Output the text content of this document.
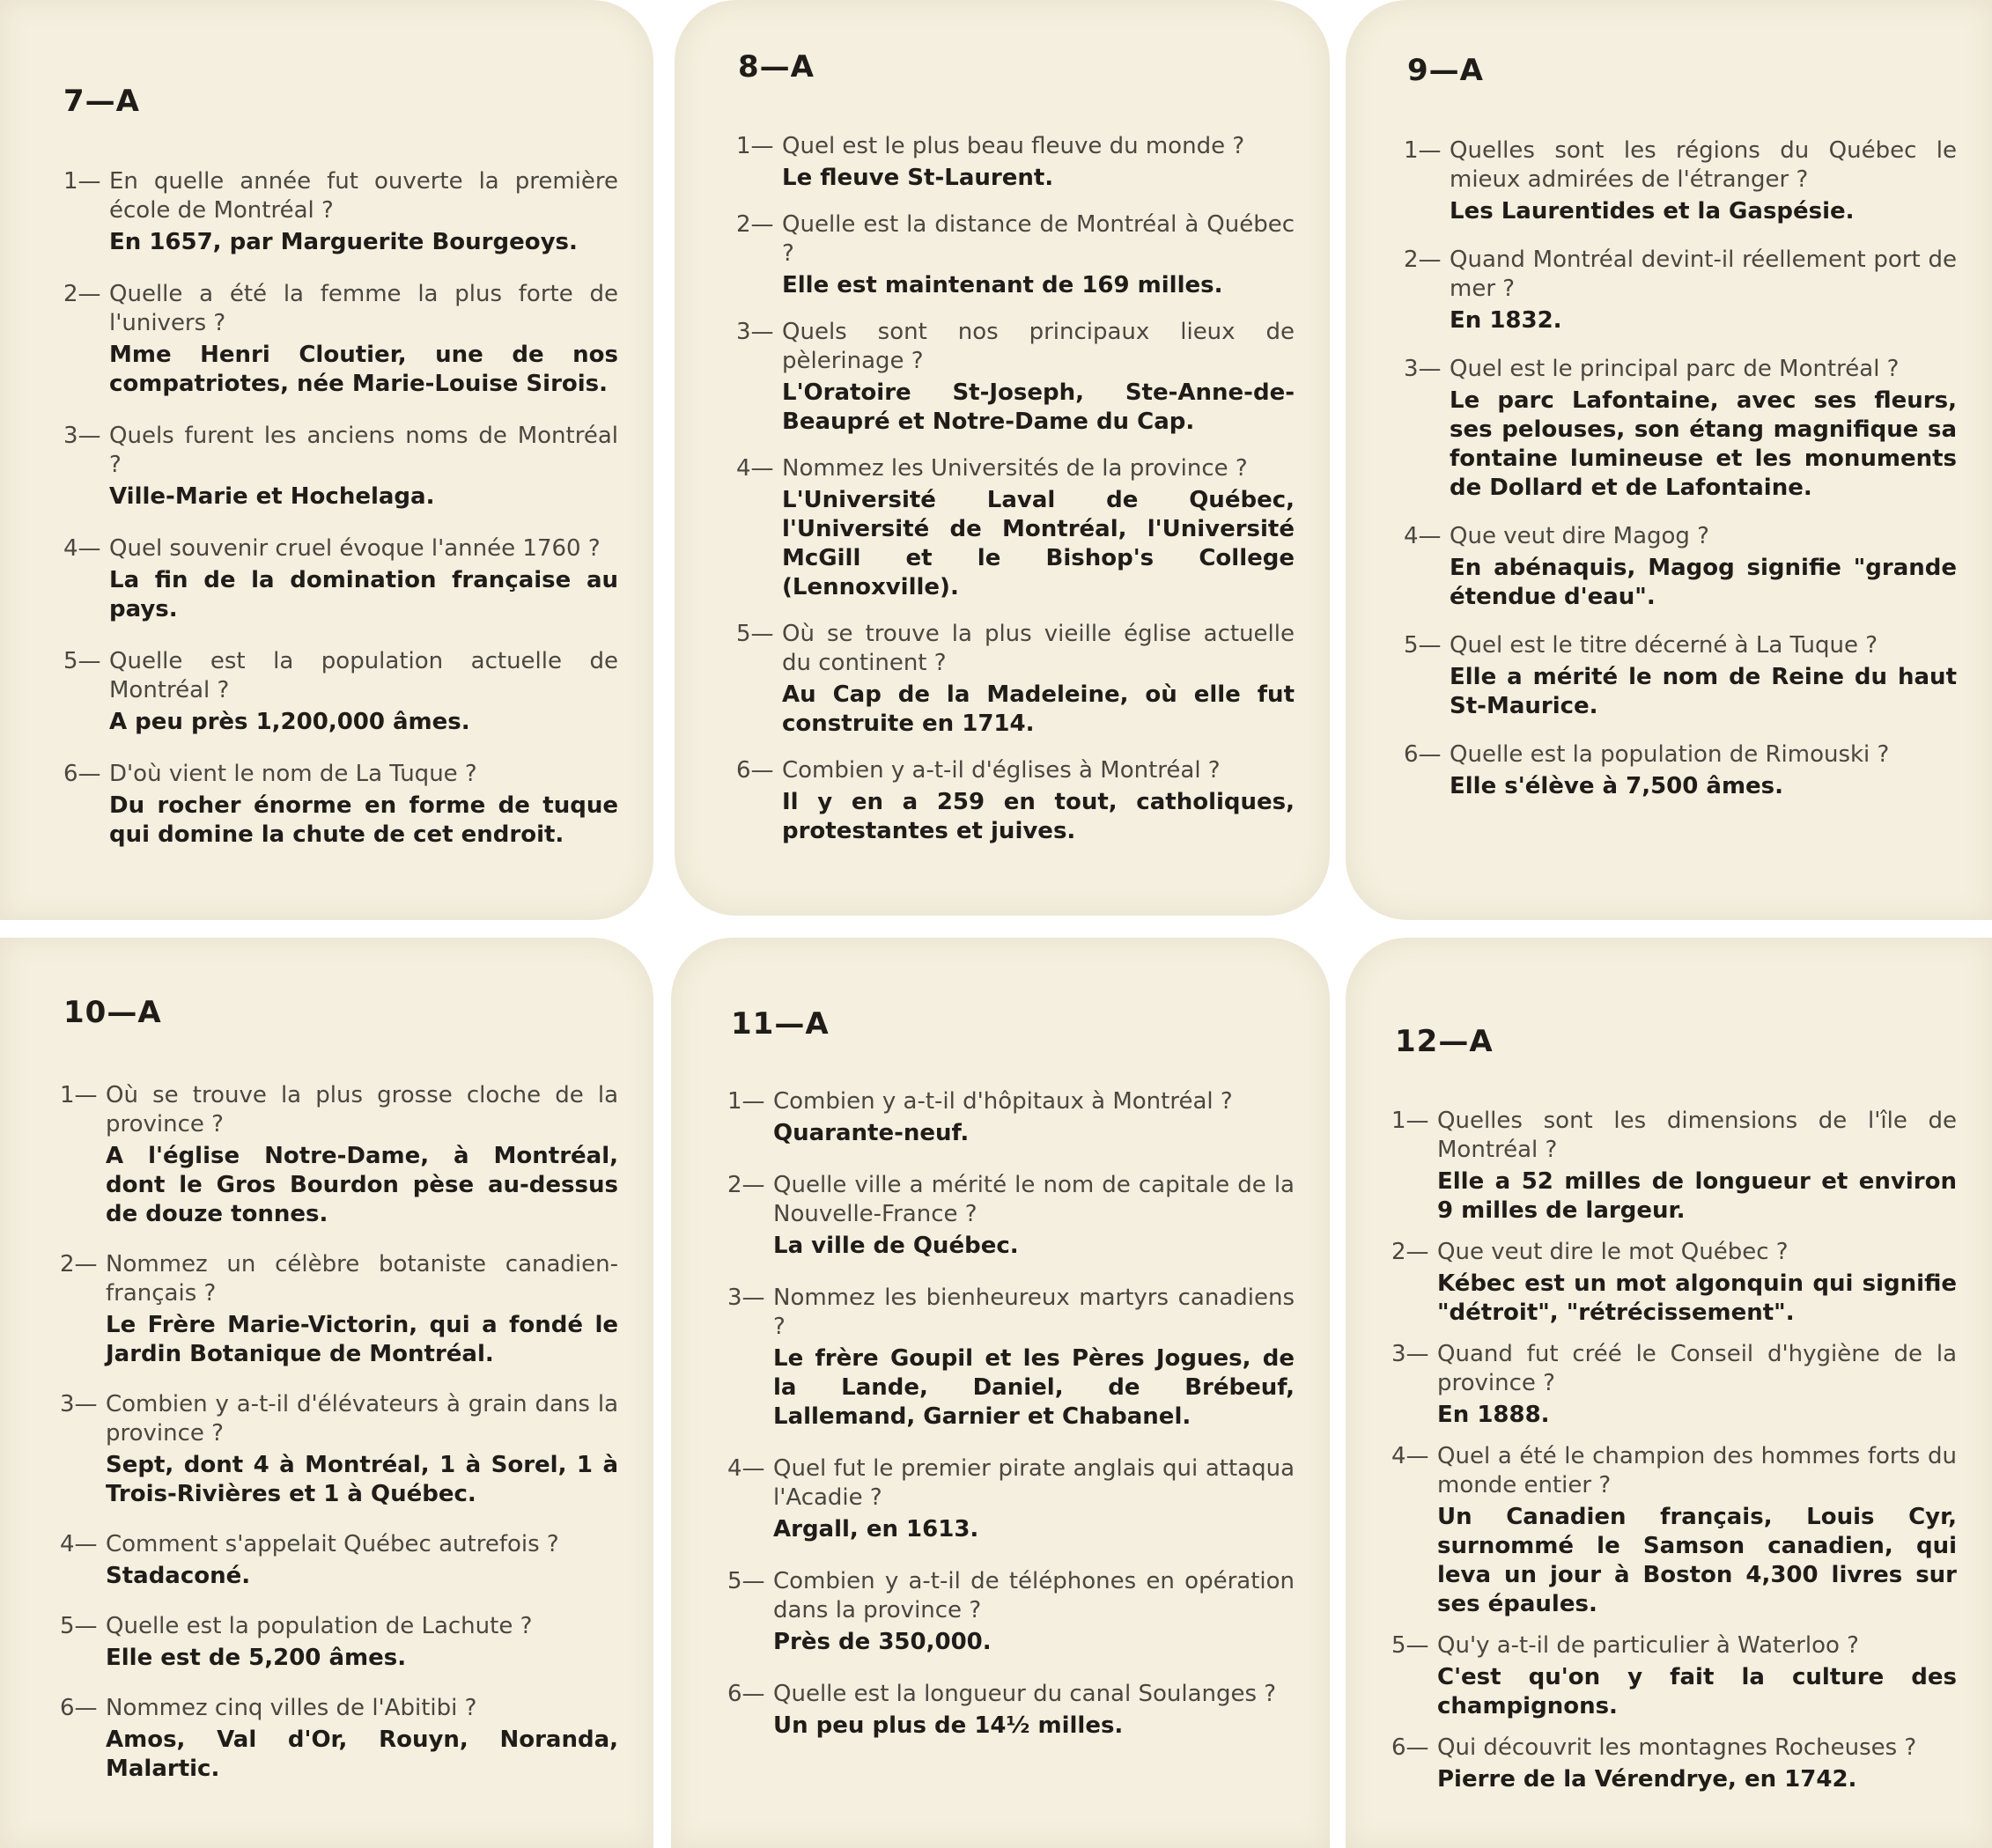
7—A
1— En quelle année fut ouverte la première école de Montréal ?
En 1657, par Marguerite Bourgeoys.
2— Quelle a été la femme la plus forte de l'univers ?
Mme Henri Cloutier, une de nos compatriotes, née Marie-Louise Sirois.
3— Quels furent les anciens noms de Montréal ?
Ville-Marie et Hochelaga.
4— Quel souvenir cruel évoque l'année 1760 ?
La fin de la domination française au pays.
5— Quelle est la population actuelle de Montréal ?
A peu près 1,200,000 âmes.
6— D'où vient le nom de La Tuque ?
Du rocher énorme en forme de tuque qui domine la chute de cet endroit.
8—A
1— Quel est le plus beau fleuve du monde ?
Le fleuve St-Laurent.
2— Quelle est la distance de Montréal à Québec ?
Elle est maintenant de 169 milles.
3— Quels sont nos principaux lieux de pèlerinage ?
L'Oratoire St-Joseph, Ste-Anne-de-Beaupré et Notre-Dame du Cap.
4— Nommez les Universités de la province ?
L'Université Laval de Québec, l'Université de Montréal, l'Université McGill et le Bishop's College (Lennoxville).
5— Où se trouve la plus vieille église actuelle du continent ?
Au Cap de la Madeleine, où elle fut construite en 1714.
6— Combien y a-t-il d'églises à Montréal ?
Il y en a 259 en tout, catholiques, protestantes et juives.
9—A
1— Quelles sont les régions du Québec le mieux admirées de l'étranger ?
Les Laurentides et la Gaspésie.
2— Quand Montréal devint-il réellement port de mer ?
En 1832.
3— Quel est le principal parc de Montréal ?
Le parc Lafontaine, avec ses fleurs, ses pelouses, son étang magnifique sa fontaine lumineuse et les monuments de Dollard et de Lafontaine.
4— Que veut dire Magog ?
En abénaquis, Magog signifie "grande étendue d'eau".
5— Quel est le titre décerné à La Tuque ?
Elle a mérité le nom de Reine du haut St-Maurice.
6— Quelle est la population de Rimouski ?
Elle s'élève à 7,500 âmes.
10—A
1— Où se trouve la plus grosse cloche de la province ?
A l'église Notre-Dame, à Montréal, dont le Gros Bourdon pèse au-dessus de douze tonnes.
2— Nommez un célèbre botaniste canadien-français ?
Le Frère Marie-Victorin, qui a fondé le Jardin Botanique de Montréal.
3— Combien y a-t-il d'élévateurs à grain dans la province ?
Sept, dont 4 à Montréal, 1 à Sorel, 1 à Trois-Rivières et 1 à Québec.
4— Comment s'appelait Québec autrefois ?
Stadaconé.
5— Quelle est la population de Lachute ?
Elle est de 5,200 âmes.
6— Nommez cinq villes de l'Abitibi ?
Amos, Val d'Or, Rouyn, Noranda, Malartic.
11—A
1— Combien y a-t-il d'hôpitaux à Montréal ?
Quarante-neuf.
2— Quelle ville a mérité le nom de capitale de la Nouvelle-France ?
La ville de Québec.
3— Nommez les bienheureux martyrs canadiens ?
Le frère Goupil et les Pères Jogues, de la Lande, Daniel, de Brébeuf, Lallemand, Garnier et Chabanel.
4— Quel fut le premier pirate anglais qui attaqua l'Acadie ?
Argall, en 1613.
5— Combien y a-t-il de téléphones en opération dans la province ?
Près de 350,000.
6— Quelle est la longueur du canal Soulanges ?
Un peu plus de 14½ milles.
12—A
1— Quelles sont les dimensions de l'île de Montréal ?
Elle a 52 milles de longueur et environ 9 milles de largeur.
2— Que veut dire le mot Québec ?
Kébec est un mot algonquin qui signifie "détroit", "rétrécissement".
3— Quand fut créé le Conseil d'hygiène de la province ?
En 1888.
4— Quel a été le champion des hommes forts du monde entier ?
Un Canadien français, Louis Cyr, surnommé le Samson canadien, qui leva un jour à Boston 4,300 livres sur ses épaules.
5— Qu'y a-t-il de particulier à Waterloo ?
C'est qu'on y fait la culture des champignons.
6— Qui découvrit les montagnes Rocheuses ?
Pierre de la Vérendrye, en 1742.
